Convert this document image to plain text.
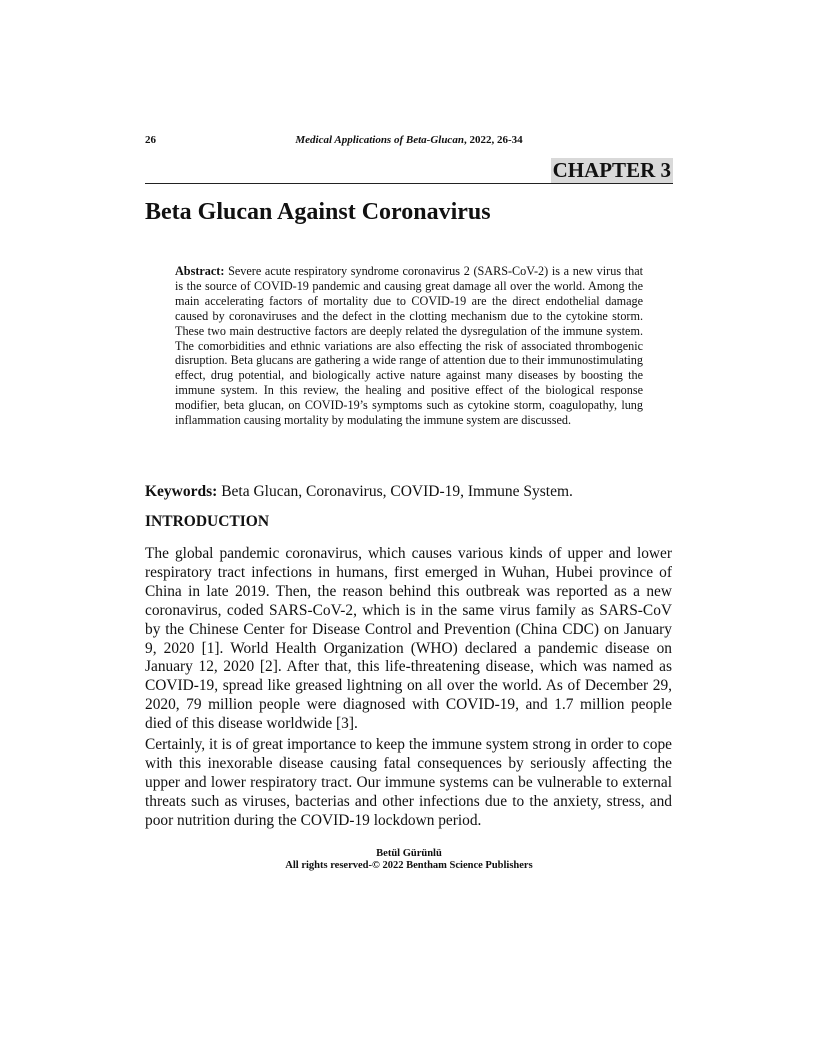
26	Medical Applications of Beta-Glucan, 2022, 26-34
CHAPTER 3
Beta Glucan Against Coronavirus

Abstract: Severe acute respiratory syndrome coronavirus 2 (SARS-CoV-2) is a new virus that is the source of COVID-19 pandemic and causing great damage all over the world. Among the main accelerating factors of mortality due to COVID-19 are the direct endothelial damage caused by coronaviruses and the defect in the clotting mechanism due to the cytokine storm. These two main destructive factors are deeply related the dysregulation of the immune system. The comorbidities and ethnic variations are also effecting the risk of associated thrombogenic disruption. Beta glucans are gathering a wide range of attention due to their immunostimulating effect, drug potential, and biologically active nature against many diseases by boosting the immune system. In this review, the healing and positive effect of the biological response modifier, beta glucan, on COVID-19’s symptoms such as cytokine storm, coagulopathy, lung inflammation causing mortality by modulating the immune system are discussed.

Keywords: Beta Glucan, Coronavirus, COVID-19, Immune System.

INTRODUCTION

The global pandemic coronavirus, which causes various kinds of upper and lower respiratory tract infections in humans, first emerged in Wuhan, Hubei province of China in late 2019. Then, the reason behind this outbreak was reported as a new coronavirus, coded SARS-CoV-2, which is in the same virus family as SARS-CoV by the Chinese Center for Disease Control and Prevention (China CDC) on January 9, 2020 [1]. World Health Organization (WHO) declared a pandemic disease on January 12, 2020 [2]. After that, this life-threatening disease, which was named as COVID-19, spread like greased lightning on all over the world. As of December 29, 2020, 79 million people were diagnosed with COVID-19, and 1.7 million people died of this disease worldwide [3].

Certainly, it is of great importance to keep the immune system strong in order to cope with this inexorable disease causing fatal consequences by seriously affecting the upper and lower respiratory tract. Our immune systems can be vulnerable to external threats such as viruses, bacterias and other infections due to the anxiety, stress, and poor nutrition during the COVID-19 lockdown period.

Betül Gürünlü
All rights reserved-© 2022 Bentham Science Publishers
